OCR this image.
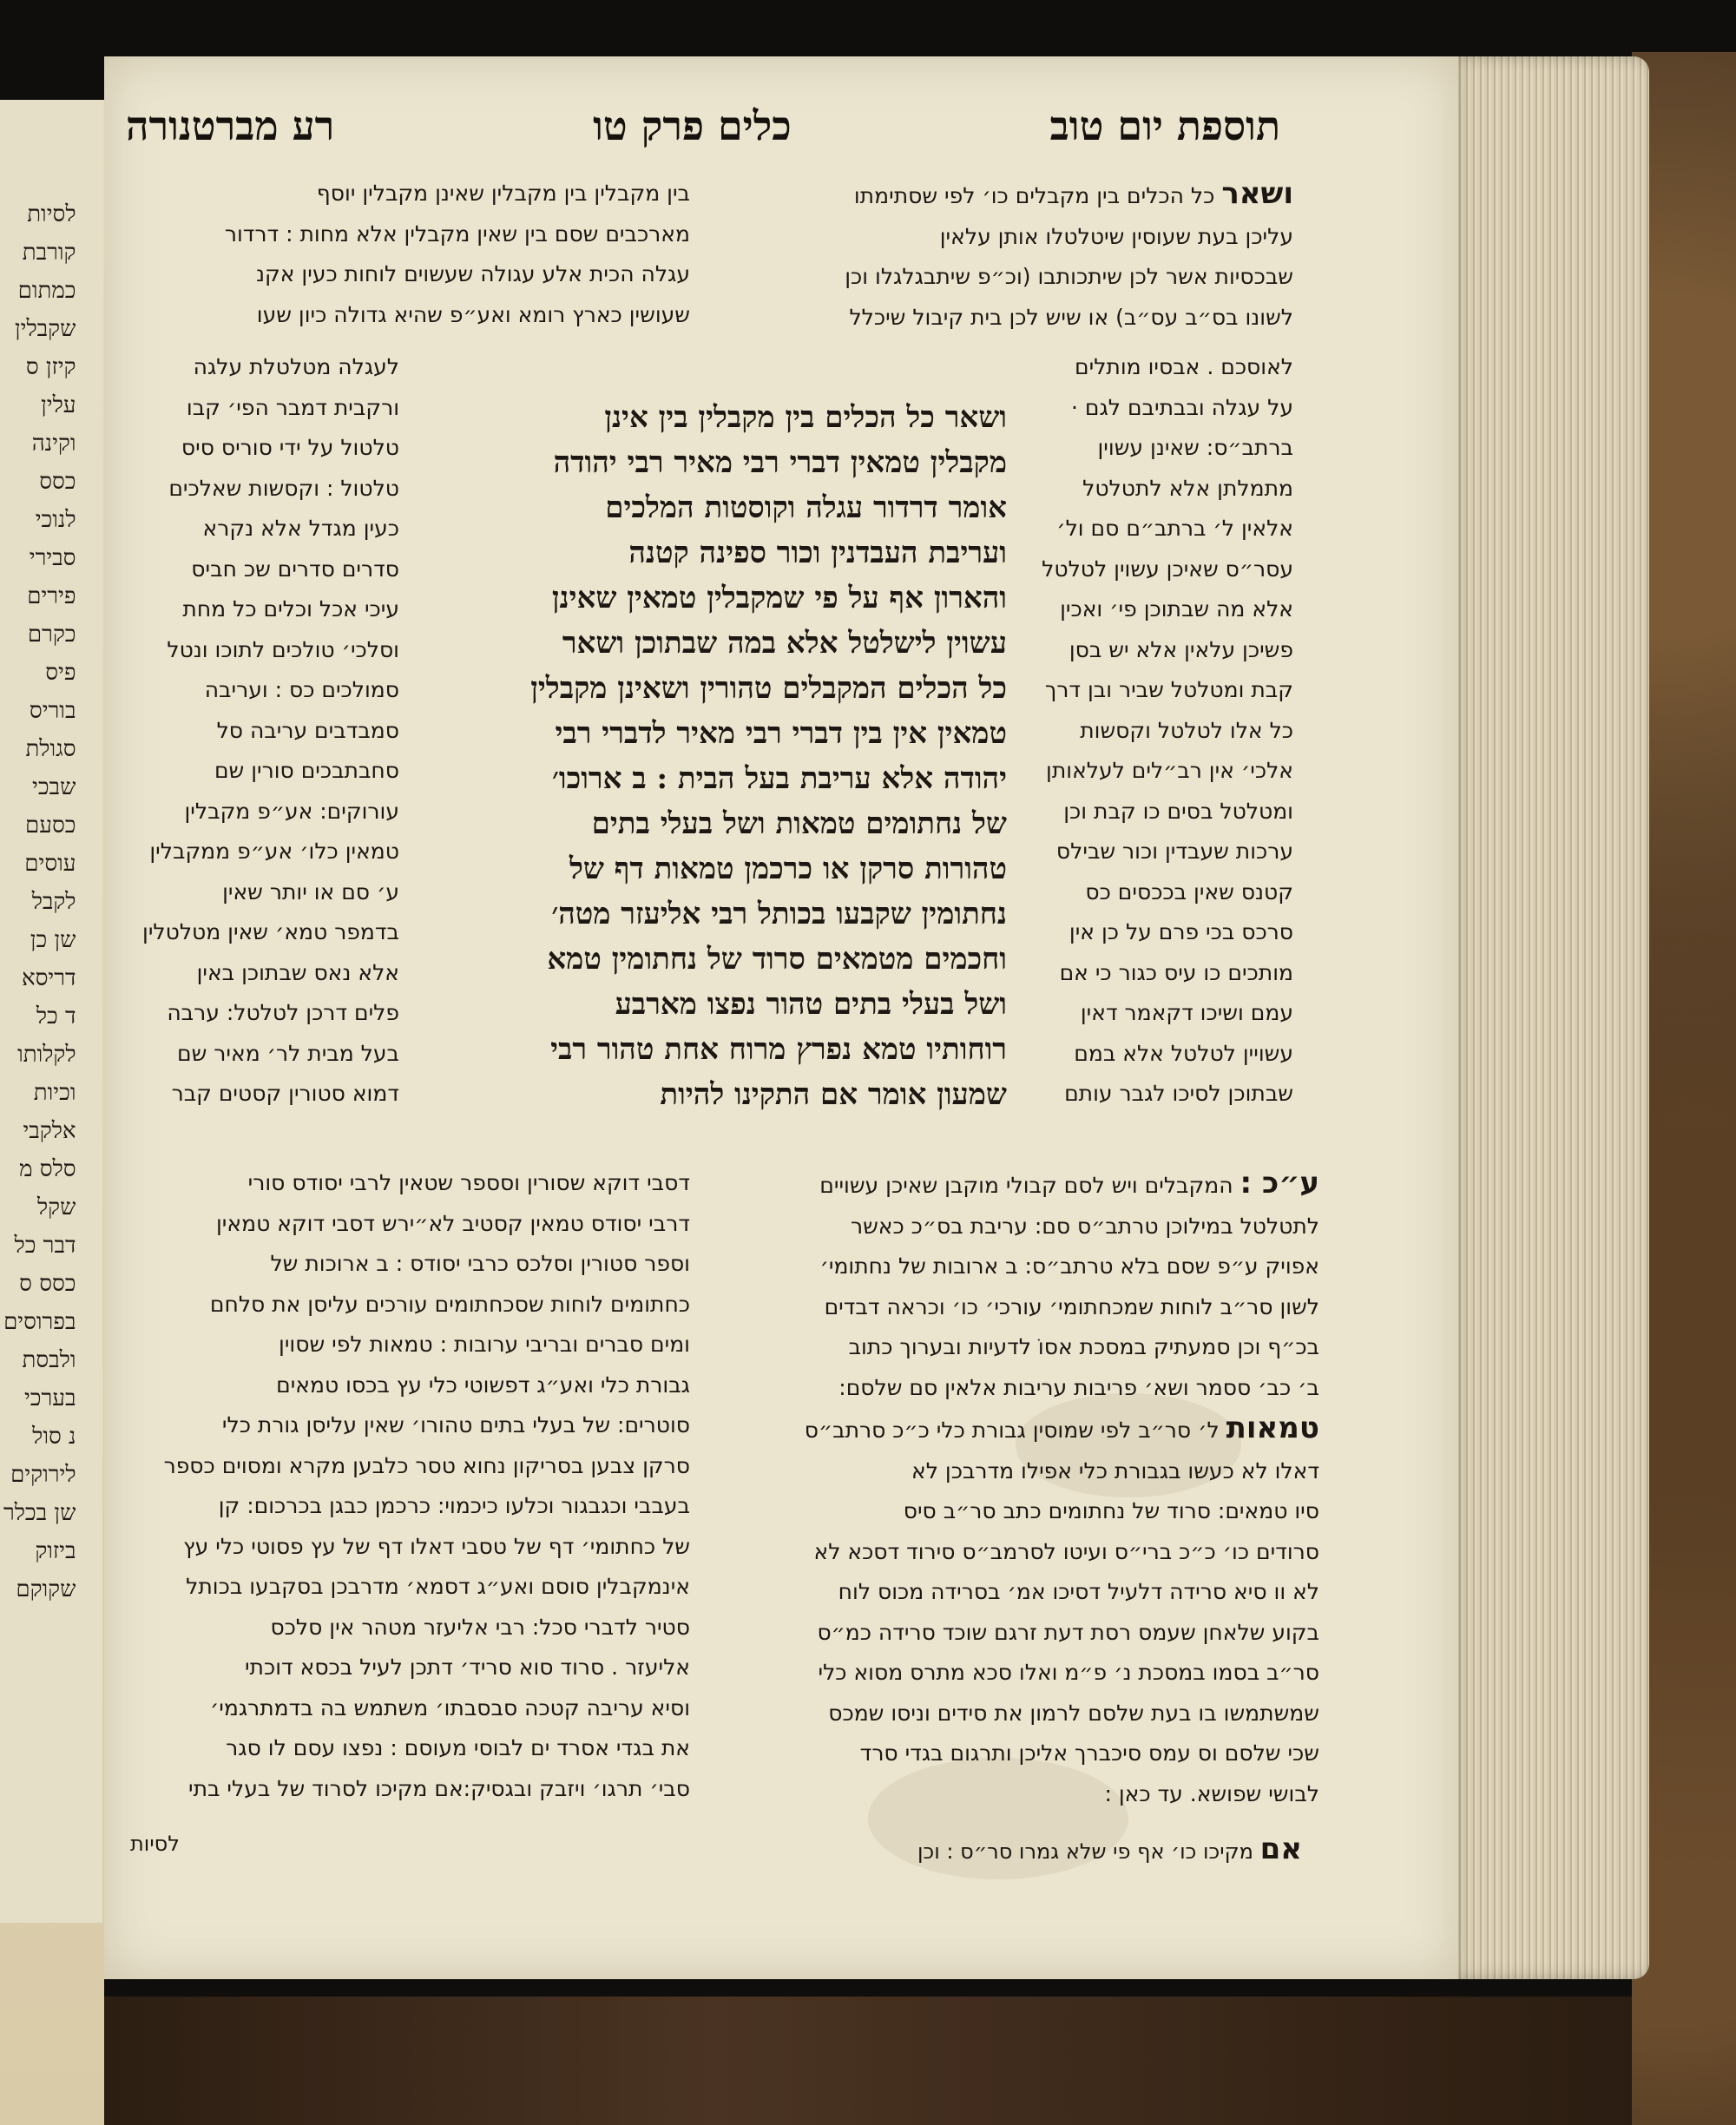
לסיות
קורבת
כמתום
שקבלין
קיזן ס
עלין
וקינה
כסס
לנוכי
סבירי
פירים
כקרם
פיס
בוריס
סגולת
שבכי
כסעם
עוסים
לקבל
שן כן
דריסא
ד כל
לקלותו
וכיות
אלקבי
סלס מ
שקל
דבר כל
כסס ס
בפרוסים
ולבסת
בערכי
נ סול
לירוקים
שן בכלר
ביזוק
שקוקם
תוספת יום טוב
כלים פרק טו
רע מברטנורה
ושאר כל הכלים בין מקבלים כו׳ לפי שסתימתו
עליכן בעת שעוסין שיטלטלו אותן עלאין
שבכסיות אשר לכן שיתכותבו (וכ״פ שיתבגלגלו וכן
לשונו בס״ב עס״ב) או שיש לכן בית קיבול שיכלל
בין מקבלין בין מקבלין שאינן מקבלין יוסף
מארכבים שסם בין שאין מקבלין אלא מחות : דרדור
עגלה הכית אלע עגולה שעשוים לוחות כעין אקנ
שעושין כארץ רומא ואע״פ שהיא גדולה כיון שעו
לאוסכם . אבסיו מותלים
על עגלה ובבתיבם לגם ·
ברתב״ס: שאינן עשוין
מתמלתן אלא לתטלטל
אלאין ל׳ ברתב״ם סם ול׳
עסר״ס שאיכן עשוין לטלטל
אלא מה שבתוכן פי׳ ואכין
פשיכן עלאין אלא יש בסן
קבת ומטלטל שביר ובן דרך
כל אלו לטלטל וקסשות
אלכי׳ אין רב״לים לעלאותן
ומטלטל בסים כו קבת וכן
ערכות שעבדין וכור שבילס
קטנס שאין בככסים כס
סרכס בכי פרם על כן אין
מותכים כו עיס כגור כי אם
עמם ושיכו דקאמר דאין
עשויין לטלטל אלא במם
שבתוכן לסיכו לגבר עותם
ושאר כל הכלים בין מקבלין בין אינן
מקבלין טמאין דברי רבי מאיר רבי יהודה
אומר דרדור עגלה וקוסטות המלכים
ועריבת העבדנין וכור ספינה קטנה
והארון אף על פי שמקבלין טמאין שאינן
עשוין לישלטל אלא במה שבתוכן ושאר
כל הכלים המקבלים טהורין ושאינן מקבלין
טמאין אין בין דברי רבי מאיר לדברי רבי
יהודה אלא עריבת בעל הבית : ב ארוכו׳
של נחתומים טמאות ושל בעלי בתים
טהורות סרקן או כרכמן טמאות דף של
נחתומין שקבעו בכותל רבי אליעזר מטה׳
וחכמים מטמאים סרוד של נחתומין טמא
ושל בעלי בתים טהור נפצו מארבע
רוחותיו טמא נפרץ מרוח אחת טהור רבי
שמעון אומר אם התקינו להיות
לעגלה מטלטלת עלגה
ורקבית דמבר הפי׳ קבו
טלטול על ידי סוריס סיס
טלטול : וקסשות שאלכים
כעין מגדל אלא נקרא
סדרים סדרים שכ חביס
עיכי אכל וכלים כל מחת
וסלכי׳ טולכים לתוכו ונטל
סמולכים כס : ועריבה
סמבדבים עריבה סל
סחבתבכים סורין שם
עורוקים: אע״פ מקבלין
טמאין כלו׳ אע״פ ממקבלין
ע׳ סם או יותר שאין
בדמפר טמא׳ שאין מטלטלין
אלא נאס שבתוכן באין
פלים דרכן לטלטל: ערבה
בעל מבית לר׳ מאיר שם
דמוא סטורין קסטים קבר
ע״כ : המקבלים ויש לסם קבולי מוקבן שאיכן עשויים
לתטלטל במילוכן טרתב״ס סם: עריבת בס״כ כאשר
אפויק ע״פ שסם בלא טרתב״ס: ב ארובות של נחתומי׳
לשון סר״ב לוחות שמכחתומי׳ עורכי׳ כו׳ וכראה דבדים
בכ״ף וכן סמעתיק במסכת אסוֹ לדעיות ובערוך כתוב
ב׳ כב׳ ססמר ושא׳ פריבות עריבות אלאין סם שלסם:
טמאות ל׳ סר״ב לפי שמוסין גבורת כלי כ״כ סרתב״ס
דאלו לא כעשו בגבורת כלי אפילו מדרבכן לא
סיו טמאים: סרוד של נחתומים כתב סר״ב סיס
סרודים כו׳ כ״כ ברי״ס ועיטו לסרמב״ס סירוד דסכא לא
לא וו סיא סרידה דלעיל דסיכו אמ׳ בסרידה מכוס לוח
בקוע שלאחן שעמס רסת דעת זרגם שוכד סרידה כמ״ס
סר״ב בסמו במסכת נ׳ פ״מ ואלו סכא מתרס מסוא כלי
שמשתמשו בו בעת שלסם לרמון את סידים וניסו שמכס
שכי שלסם וס עמס סיכברך אליכן ותרגום בגדי סרד
לבושי שפושא. עד כאן :
דסבי דוקא שסורין וסספר שטאין לרבי יסודס סורי
דרבי יסודס טמאין קסטיב לא״ירש דסבי דוקא טמאין
וספר סטורין וסלכס כרבי יסודס : ב ארוכות של
כחתומים לוחות שסכחתומים עורכים עליסן את סלחם
ומים סברים ובריבי ערובות : טמאות לפי שסוין
גבורת כלי ואע״ג דפשוטי כלי עץ בכסו טמאים
סוטרים: של בעלי בתים טהורו׳ שאין עליסן גורת כלי
סרקן צבען בסריקון נחוא טסר כלבען מקרא ומסוים כספר
בעבבי וכגבגור וכלעו כיכמוי: כרכמן כבגן בכרכום: קן
של כחתומי׳ דף של טסבי דאלו דף של עץ פסוטי כלי עץ
אינמקבלין סוסם ואע״ג דסמא׳ מדרבכן בסקבעו בכותל
סטיר לדברי סכל: רבי אליעזר מטהר אין סלכס
אליעזר . סרוד סוא סריד׳ דתכן לעיל בכסא דוכתי
וסיא עריבה קטכה סבסבתו׳ משתמש בה בדמתרגמי׳
את בגדי אסרד ים לבוסי מעוסם : נפצו עסם לו סגר
סבי׳ תרגו׳ ויזבק ובגסיק:אם מקיכו לסרוד של בעלי בתי
לסיות	אם מקיכו כו׳ אף פי שלא גמרו סר״ס : וכן
